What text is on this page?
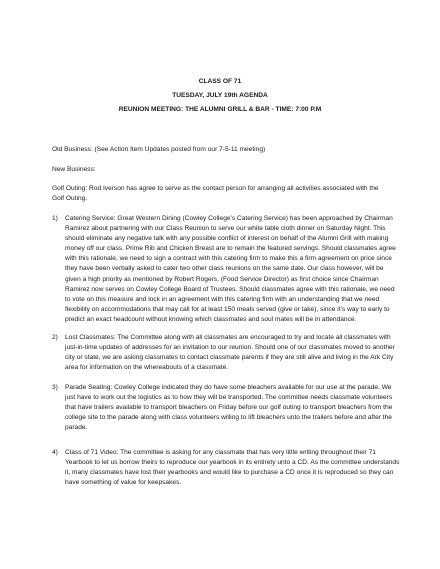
CLASS OF 71
TUESDAY, JULY 19th AGENDA
REUNION MEETING: THE ALUMNI GRILL & BAR - TIME: 7:00 P.M
Old Business: (See Action Item Updates posted from our 7-5-11 meeting)
New Business:
Golf Outing: Rod Iverson has agree to serve as the contact person for arranging all activities associated with the Golf Outing.
1)	Catering Service: Great Western Dining (Cowley College’s Catering Service) has been approached by Chairman Ramirez about partnering with our Class Reunion to serve our white table cloth dinner on Saturday Night. This should eliminate any negative talk with any possible conflict of interest on behalf of the Alumni Grill with making money off our class. Prime Rib and Chicken Breast are to remain the featured servings. Should classmates agree with this rationale, we need to sign a contract with this catering firm to make this a firm agreement on price since they have been verbally asked to cater two other class reunions on the same date. Our class however, will be given a high priority as mentioned by Robert Rogers, (Food Service Director) as first choice since Chairman Ramirez now serves on Cowley College Board of Trustees. Should classmates agree with this rationale, we need to vote on this measure and lock in an agreement with this catering firm with an understanding that we need flexibility on accommodations that may call for at least 150 meals served (give or take), since it’s way to early to predict an exact headcount without knowing which classmates and soul mates will be in attendance.
2)	Lost Classmates: The Committee along with all classmates are encouraged to try and locate all classmates with just-in-time updates of addresses for an invitation to our reunion. Should one of our classmates moved to another city or state, we are asking classmates to contact classmate parents if they are still alive and living in the Ark City area for information on the whereabouts of a classmate.
3)	Parade Seating: Cowley College indicated they do have some bleachers available for our use at the parade. We just have to work out the logistics as to how they will be transported. The committee needs classmate volunteers that have trailers available to transport bleachers on Friday before our golf outing to transport bleachers from the college site to the parade along with class volunteers willing to lift bleachers unto the trailers before and after the parade.
4)	Class of 71 Video: The committee is asking for any classmate that has very little writing throughout their 71 Yearbook to let us borrow theirs to reproduce our yearbook in its entirety unto a CD. As the committee understands it, many classmates have lost their yearbooks and would like to purchase a CD once it is reproduced so they can have something of value for keepsakes.
